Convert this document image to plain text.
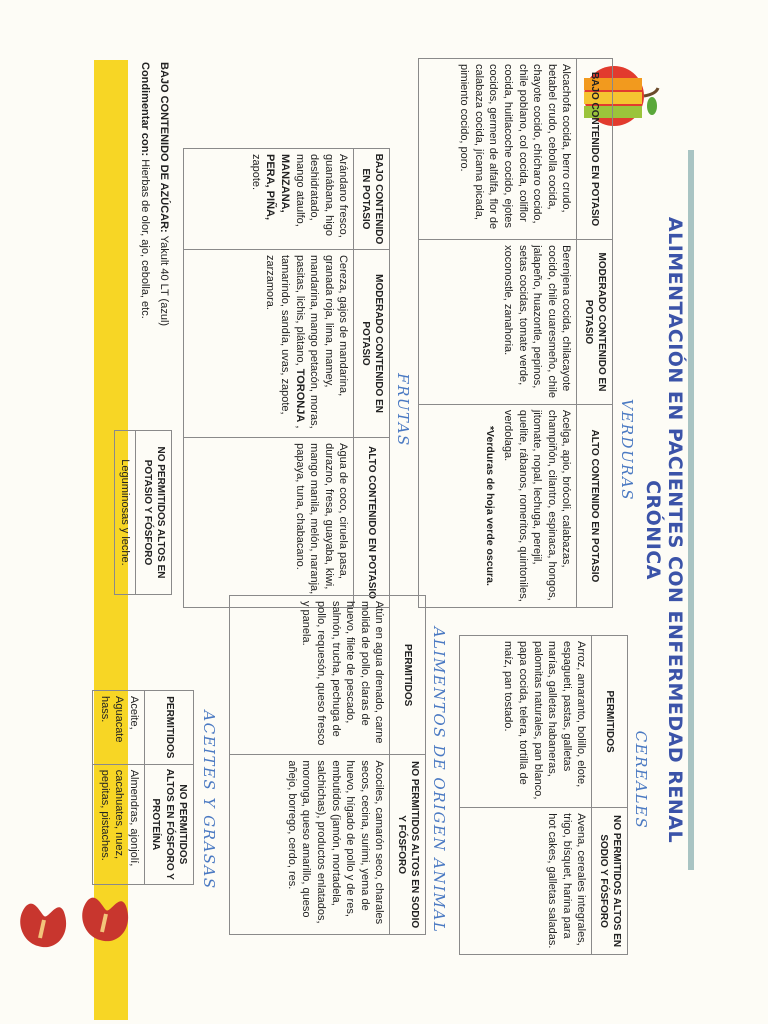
ALIMENTACIÓN EN PACIENTES CON ENFERMEDAD RENAL CRÓNICA
VERDURAS
BAJO CONTENIDO EN POTASIO	MODERADO CONTENIDO EN POTASIO	ALTO CONTENIDO EN POTASIO
Alcachofa cocida, berro crudo, betabel crudo, cebolla cocida, chayote cocido, chícharo cocido, chile poblano, col cocida, coliflor cocida, huitlacoche cocido, ejotes cocidos, germen de alfalfa, flor de calabaza cocida, jícama picada, pimiento cocido, poro.	Berenjena cocida, chilacayote cocido, chile cuaresmeño, chile jalapeño, huazontle, pepinos, setas cocidas, tomate verde, xoconostle, zanahoria.	Acelga, apio, brócoli, calabazas, champiñón, cilantro, espinaca, hongos, jitomate, nopal, lechuga, perejil, quelite, rábanos, romeritos, quintoniles, verdolaga.
*Verduras de hoja verde oscura.
FRUTAS
BAJO CONTENIDO EN POTASIO	MODERADO CONTENIDO EN POTASIO	ALTO CONTENIDO EN POTASIO
Arándano fresco, guanábana, higo deshidratado, mango ataulfo, MANZANA, PERA, PIÑA, zapote.	Cereza, gajos de mandarina, granada roja, lima, mamey, mandarina, mango petacón, moras, pasitas, lichis, plátano, TORONJA , tamarindo, sandía, uvas, zapote, zarzamora.	Agua de coco, ciruela pasa, durazno, fresa, guayaba, kiwi, mango manila, melón, naranja, papaya, tuna, chabacano.
BAJO CONTENIDO DE AZÚCAR: Yakult 40 LT (azul)
Condimentar con: Hierbas de olor, ajo, cebolla, etc.
NO PERMITIDOS ALTOS EN POTASIO Y FÓSFORO
Leguminosas y leche.
CEREALES
PERMITIDOS	NO PERMITIDOS ALTOS EN SODIO Y FÓSFORO
Arroz, amaranto, bolillo, elote, espagueti, pastas, galletas marías, galletas habaneras, palomitas naturales, pan blanco, papa cocida, telera, tortilla de maíz, pan tostado.	Avena, cereales integrales, trigo, bísquet, harina para hot cakes, galletas saladas.
ALIMENTOS DE ORIGEN ANIMAL
PERMITIDOS	NO PERMITIDOS ALTOS EN SODIO Y FÓSFORO
Atún en agua drenado, carne molida de pollo, claras de huevo, filete de pescado, salmón, trucha, pechuga de pollo, requesón, queso fresco y panela.	Acociles, camarón seco, charales secos, cecina, surimi, yema de huevo, hígado de pollo y de res, embutidos (jamón, mortadela, salchichas), productos enlatados, moronga, queso amarillo, queso añejo, borrego, cerdo, res.
ACEITES Y GRASAS
PERMITIDOS	NO PERMITIDOS ALTOS EN FÓSFORO Y PROTEÍNA
Aceite, Aguacate hass.	Almendras, ajonjolí, cacahuates, nuez, pepitas, pistaches.
